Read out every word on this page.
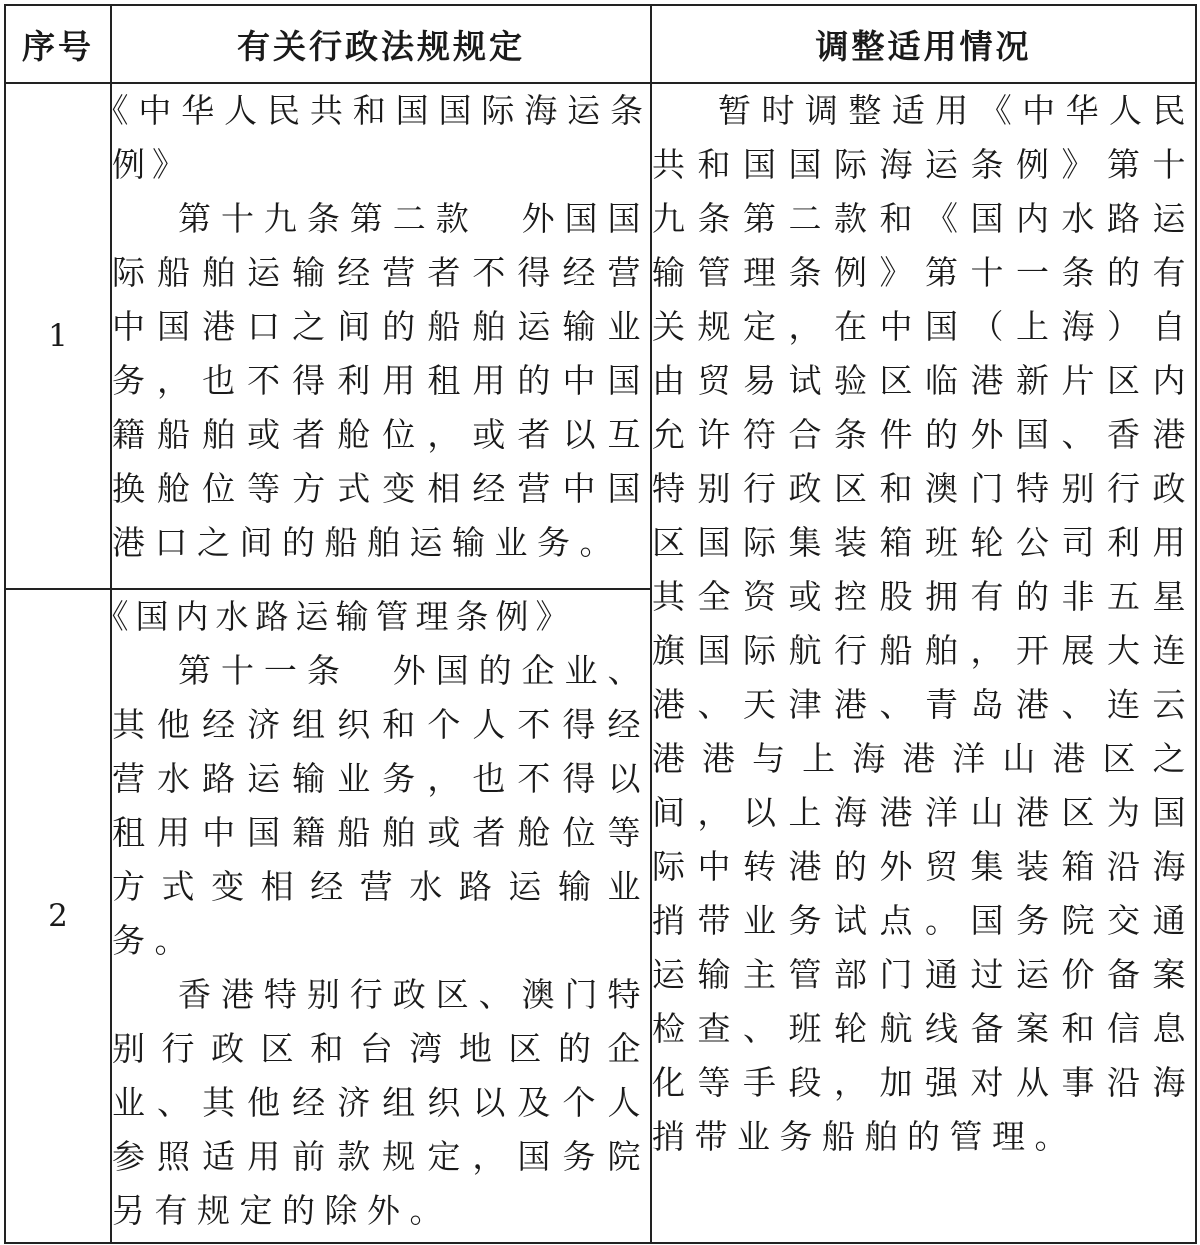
序号	有关行政法规规定	调整适用情况
1	《中华人民共和国国际海运条例》
第十九条第二款　外国国际船舶运输经营者不得经营中国港口之间的船舶运输业务，也不得利用租用的中国籍船舶或者舱位，或者以互换舱位等方式变相经营中国港口之间的船舶运输业务。	暂时调整适用《中华人民共和国国际海运条例》第十九条第二款和《国内水路运输管理条例》第十一条的有关规定，在中国（上海）自由贸易试验区临港新片区内允许符合条件的外国、香港特别行政区和澳门特别行政区国际集装箱班轮公司利用其全资或控股拥有的非五星旗国际航行船舶，开展大连港、天津港、青岛港、连云港港与上海港洋山港区之间，以上海港洋山港区为国际中转港的外贸集装箱沿海捎带业务试点。国务院交通运输主管部门通过运价备案检查、班轮航线备案和信息化等手段，加强对从事沿海捎带业务船舶的管理。

2	《国内水路运输管理条例》
第十一条　外国的企业、其他经济组织和个人不得经营水路运输业务，也不得以租用中国籍船舶或者舱位等方式变相经营水路运输业务。
香港特别行政区、澳门特别行政区和台湾地区的企业、其他经济组织以及个人参照适用前款规定，国务院另有规定的除外。	
